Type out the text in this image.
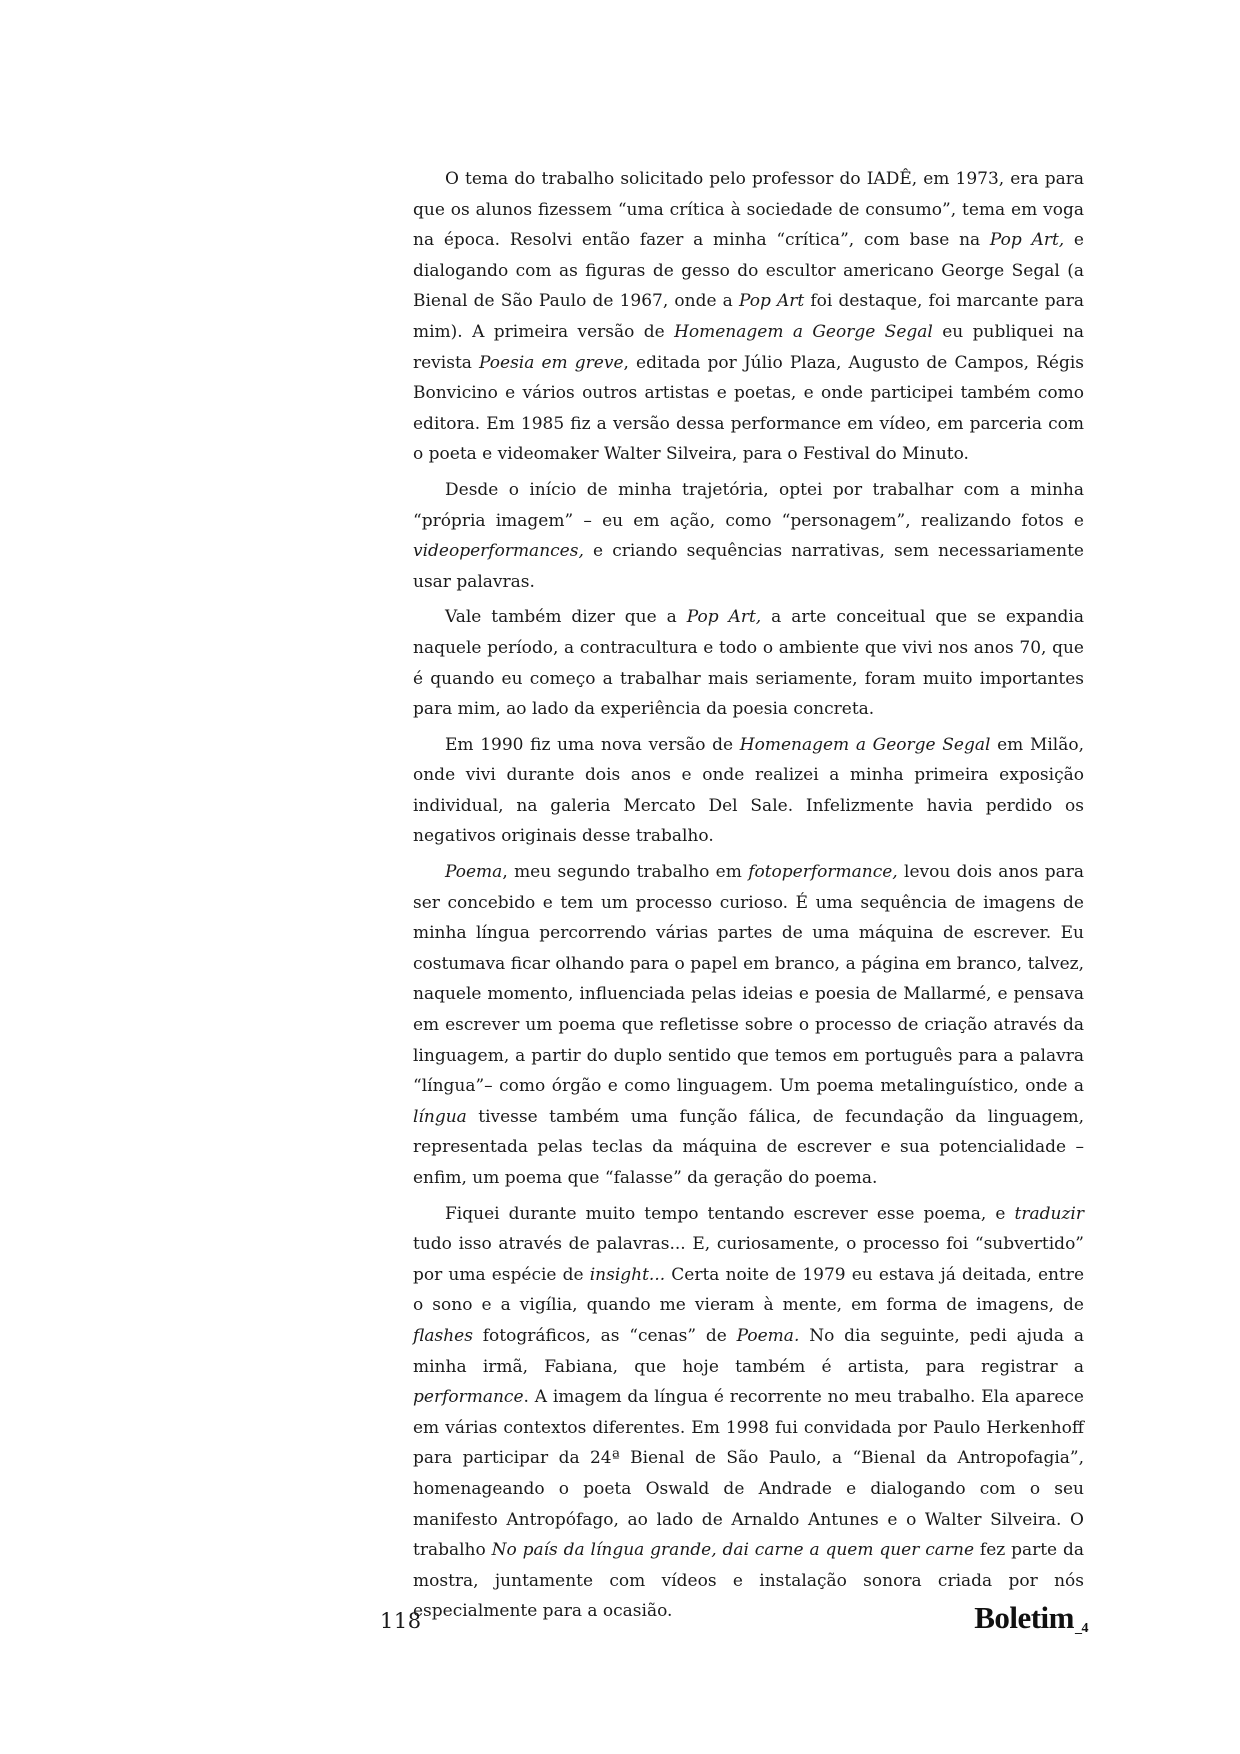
O tema do trabalho solicitado pelo professor do IADÊ, em 1973, era para que os alunos fizessem “uma crítica à sociedade de consumo”, tema em voga na época. Resolvi então fazer a minha “crítica”, com base na Pop Art, e dialogando com as figuras de gesso do escultor americano George Segal (a Bienal de São Paulo de 1967, onde a Pop Art foi destaque, foi marcante para mim). A primeira versão de Homenagem a George Segal eu publiquei na revista Poesia em greve, editada por Júlio Plaza, Augusto de Campos, Régis Bonvicino e vários outros artistas e poetas, e onde participei também como editora. Em 1985 fiz a versão dessa performance em vídeo, em parceria com o poeta e videomaker Walter Silveira, para o Festival do Minuto.

Desde o início de minha trajetória, optei por trabalhar com a minha “própria imagem” – eu em ação, como “personagem”, realizando fotos e videoperformances, e criando sequências narrativas, sem necessariamente usar palavras.

Vale também dizer que a Pop Art, a arte conceitual que se expandia naquele período, a contracultura e todo o ambiente que vivi nos anos 70, que é quando eu começo a trabalhar mais seriamente, foram muito importantes para mim, ao lado da experiência da poesia concreta.

Em 1990 fiz uma nova versão de Homenagem a George Segal em Milão, onde vivi durante dois anos e onde realizei a minha primeira exposição individual, na galeria Mercato Del Sale. Infelizmente havia perdido os negativos originais desse trabalho.

Poema, meu segundo trabalho em fotoperformance, levou dois anos para ser concebido e tem um processo curioso. É uma sequência de imagens de minha língua percorrendo várias partes de uma máquina de escrever. Eu costumava ficar olhando para o papel em branco, a página em branco, talvez, naquele momento, influenciada pelas ideias e poesia de Mallarmé, e pensava em escrever um poema que refletisse sobre o processo de criação através da linguagem, a partir do duplo sentido que temos em português para a palavra “língua”– como órgão e como linguagem. Um poema metalinguístico, onde a língua tivesse também uma função fálica, de fecundação da linguagem, representada pelas teclas da máquina de escrever e sua potencialidade – enfim, um poema que “falasse” da geração do poema.

Fiquei durante muito tempo tentando escrever esse poema, e traduzir tudo isso através de palavras... E, curiosamente, o processo foi “subvertido” por uma espécie de insight... Certa noite de 1979 eu estava já deitada, entre o sono e a vigília, quando me vieram à mente, em forma de imagens, de flashes fotográficos, as “cenas” de Poema. No dia seguinte, pedi ajuda a minha irmã, Fabiana, que hoje também é artista, para registrar a performance. A imagem da língua é recorrente no meu trabalho. Ela aparece em várias contextos diferentes. Em 1998 fui convidada por Paulo Herkenhoff para participar da 24ª Bienal de São Paulo, a “Bienal da Antropofagia”, homenageando o poeta Oswald de Andrade e dialogando com o seu manifesto Antropófago, ao lado de Arnaldo Antunes e o Walter Silveira. O trabalho No país da língua grande, dai carne a quem quer carne fez parte da mostra, juntamente com vídeos e instalação sonora criada por nós especialmente para a ocasião.

118	Boletim_4
